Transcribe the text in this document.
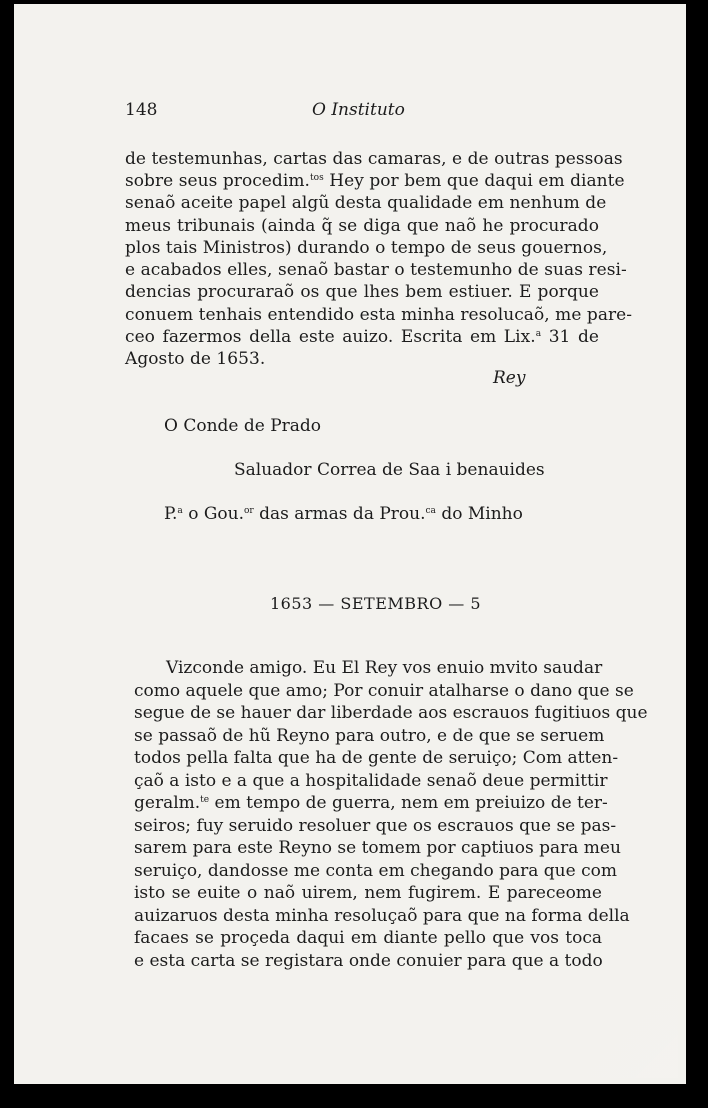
148	O Instituto
de testemunhas, cartas das camaras, e de outras pessoas
sobre seus procedim.$^{tos}$ Hey por bem que daqui em diante
senaõ aceite papel algũ desta qualidade em nenhum de
meus tribunais (ainda q̃ se diga que naõ he procurado
plos tais Ministros) durando o tempo de seus gouernos,
e acabados elles, senaõ bastar o testemunho de suas resi-
dencias procuraraõ os que lhes bem estiuer. E porque
conuem tenhais entendido esta minha resolucaõ, me pare-
ceo fazermos della este auizo. Escrita em Lix.$^a$ 31 de
Agosto de 1653.
Rey
O Conde de Prado
Saluador Correa de Saa i benauides
P.$^a$ o Gou.$^{or}$ das armas da Prou.$^{ca}$ do Minho
1653 — SETEMBRO — 5
Vizconde amigo. Eu El Rey vos enuio mvito saudar
como aquele que amo; Por conuir atalharse o dano que se
segue de se hauer dar liberdade aos escrauos fugitiuos que
se passaõ de hũ Reyno para outro, e de que se seruem
todos pella falta que ha de gente de seruiço; Com atten-
çaõ a isto e a que a hospitalidade senaõ deue permittir
geralm.$^{te}$ em tempo de guerra, nem em preiuizo de ter-
seiros; fuy seruido resoluer que os escrauos que se pas-
sarem para este Reyno se tomem por captiuos para meu
seruiço, dandosse me conta em chegando para que com
isto se euite o naõ uirem, nem fugirem. E pareceome
auizaruos desta minha resoluçaõ para que na forma della
facaes se proçeda daqui em diante pello que vos toca
e esta carta se registara onde conuier para que a todo
